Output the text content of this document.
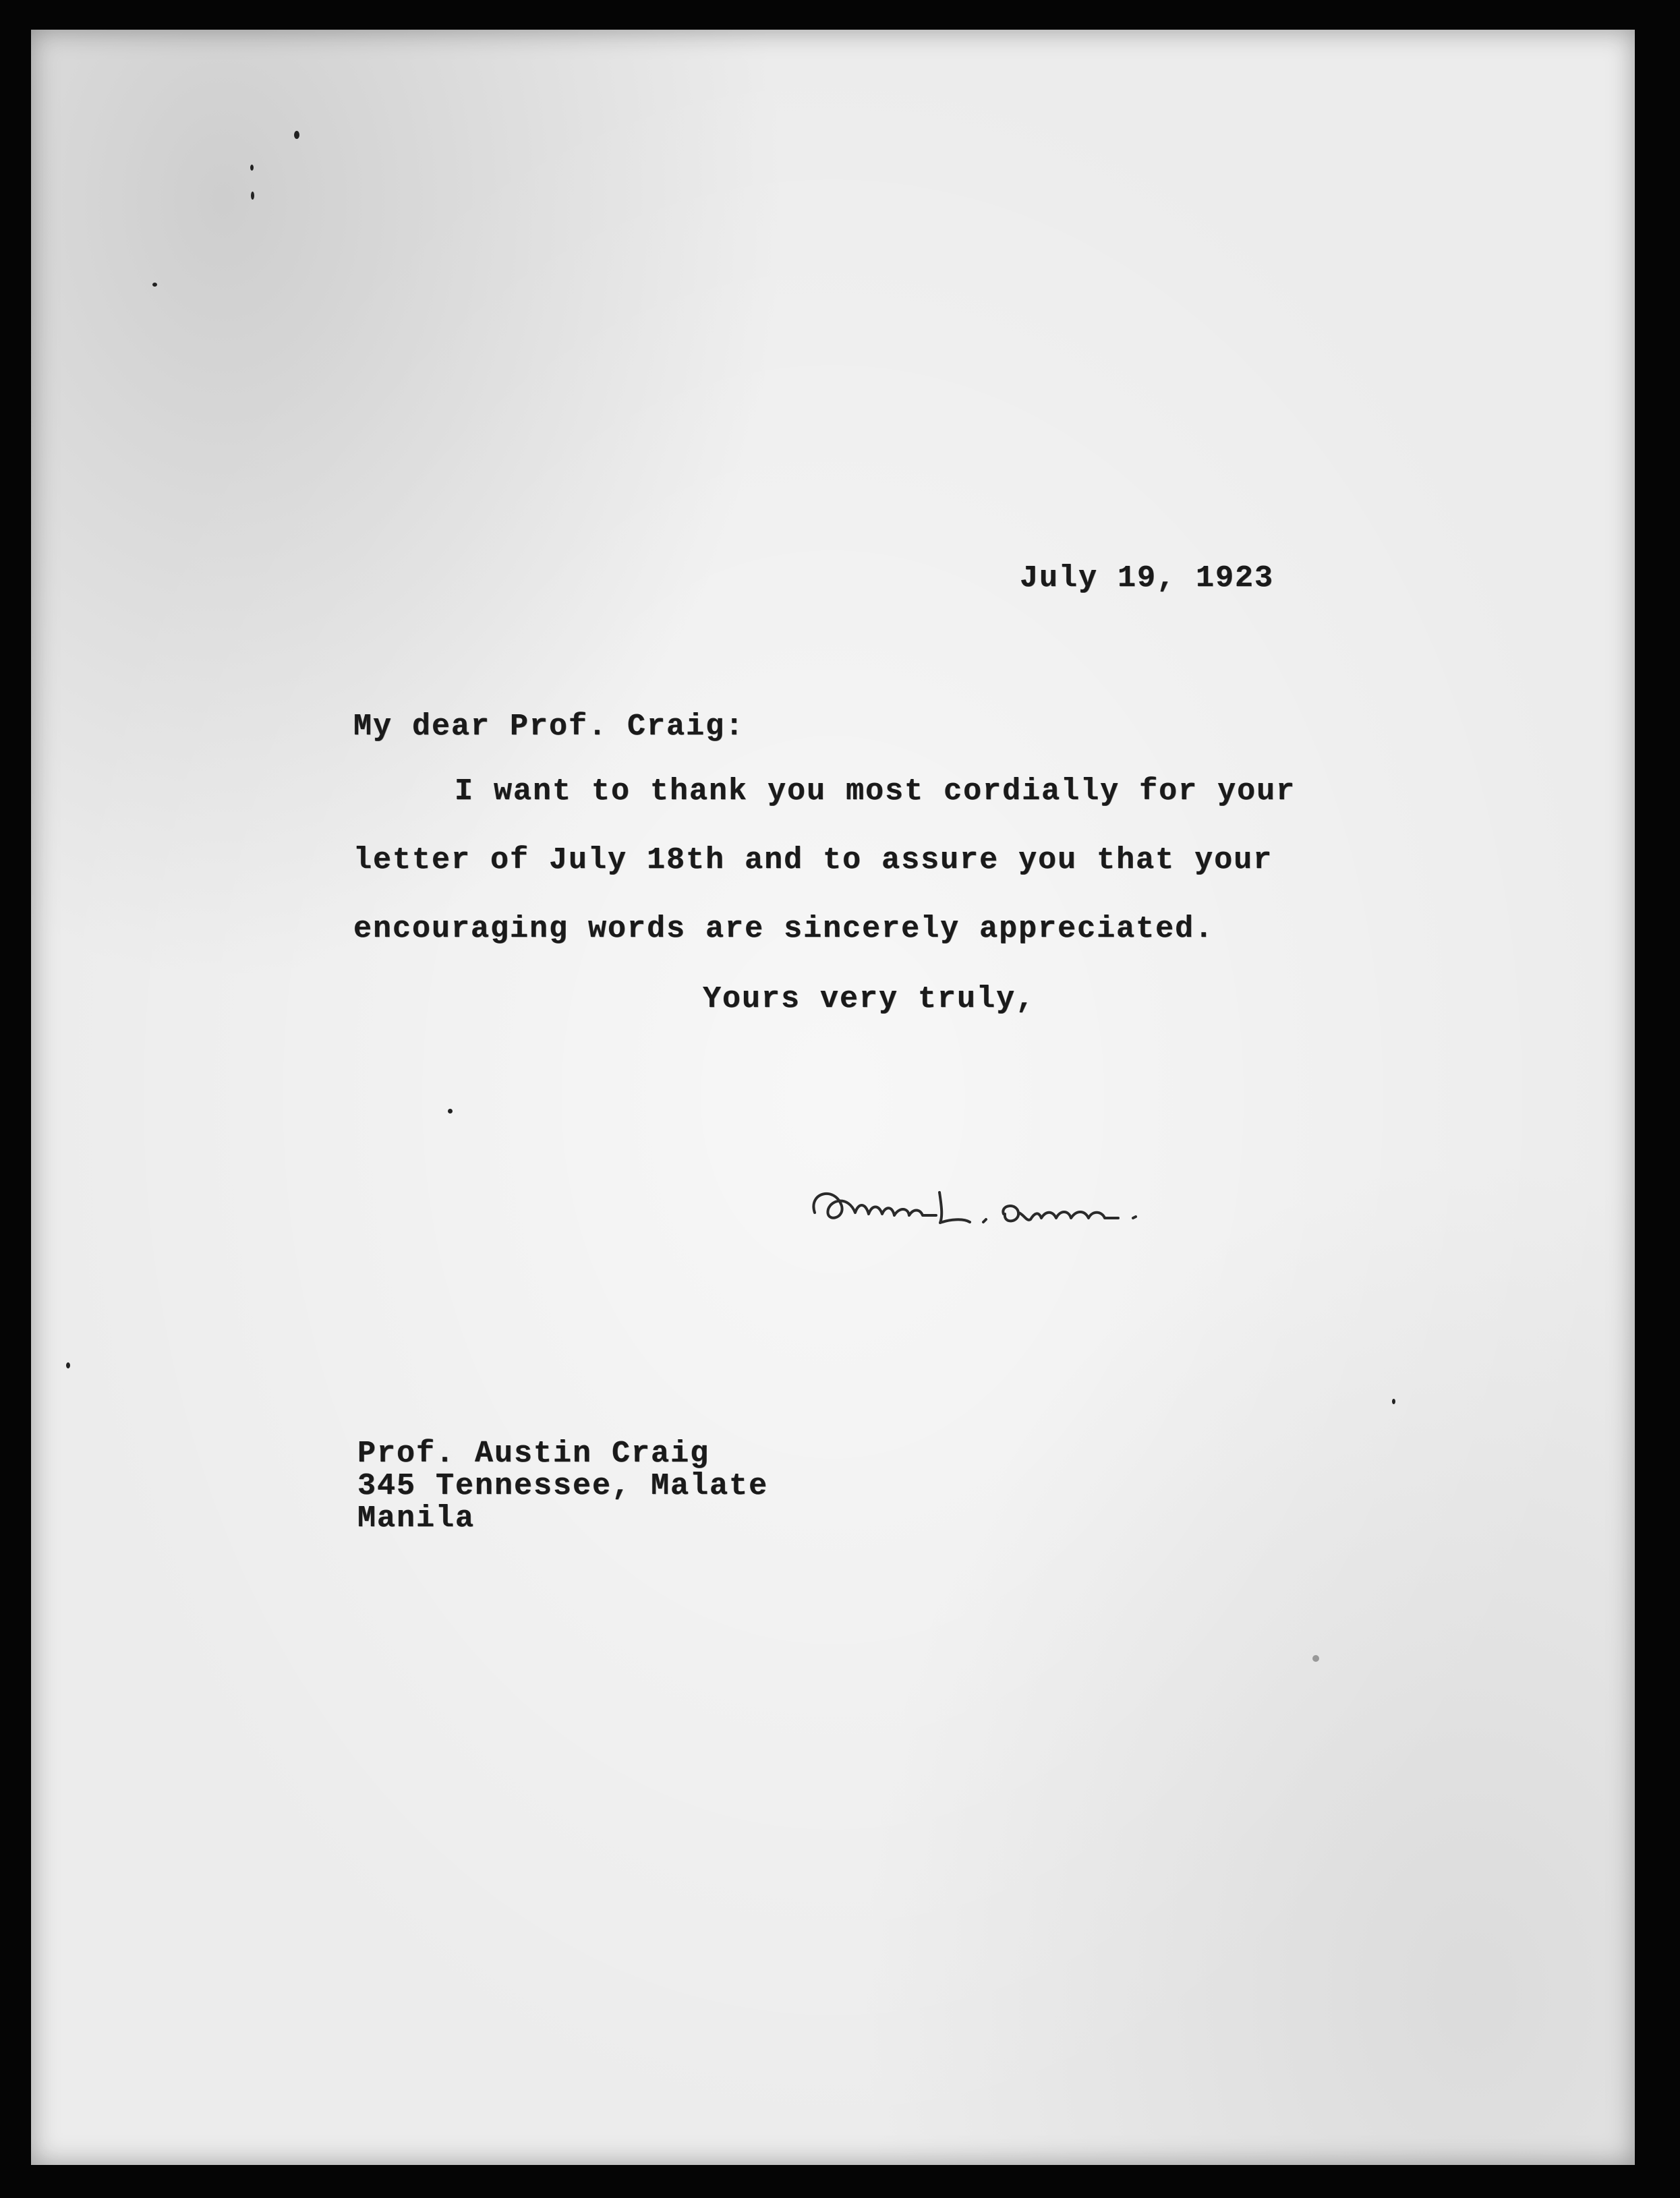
July 19, 1923
My dear Prof. Craig:
I want to thank you most cordially for your
letter of July 18th and to assure you that your
encouraging words are sincerely appreciated.
Yours very truly,
Prof. Austin Craig
345 Tennessee, Malate
Manila
